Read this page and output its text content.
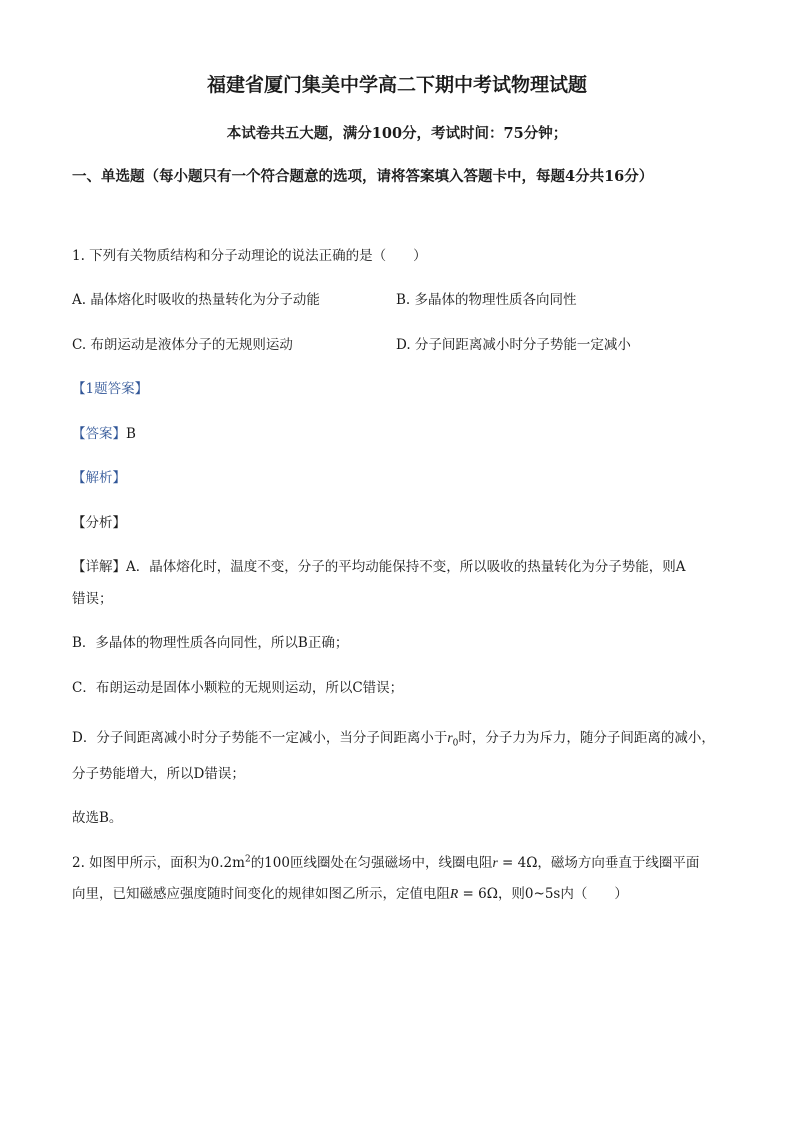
福建省厦门集美中学高二下期中考试物理试题
本试卷共五大题，满分100分，考试时间：75分钟；
一、单选题（每小题只有一个符合题意的选项，请将答案填入答题卡中，每题4分共16分）
1. 下列有关物质结构和分子动理论的说法正确的是（　　）
A. 晶体熔化时吸收的热量转化为分子动能	B. 多晶体的物理性质各向同性
C. 布朗运动是液体分子的无规则运动	D. 分子间距离减小时分子势能一定减小
【1题答案】
【答案】B
【解析】
【分析】
【详解】A．晶体熔化时，温度不变，分子的平均动能保持不变，所以吸收的热量转化为分子势能，则A
错误；
B．多晶体的物理性质各向同性，所以B正确；
C．布朗运动是固体小颗粒的无规则运动，所以C错误；
D．分子间距离减小时分子势能不一定减小，当分子间距离小于$r_0$时，分子力为斥力，随分子间距离的减小，
分子势能增大，所以D错误；
故选B。
2. 如图甲所示，面积为$0.2m^2$的100匝线圈处在匀强磁场中，线圈电阻r = 4Ω，磁场方向垂直于线圈平面
向里，已知磁感应强度随时间变化的规律如图乙所示，定值电阻R = 6Ω，则0~5s内（　　）
